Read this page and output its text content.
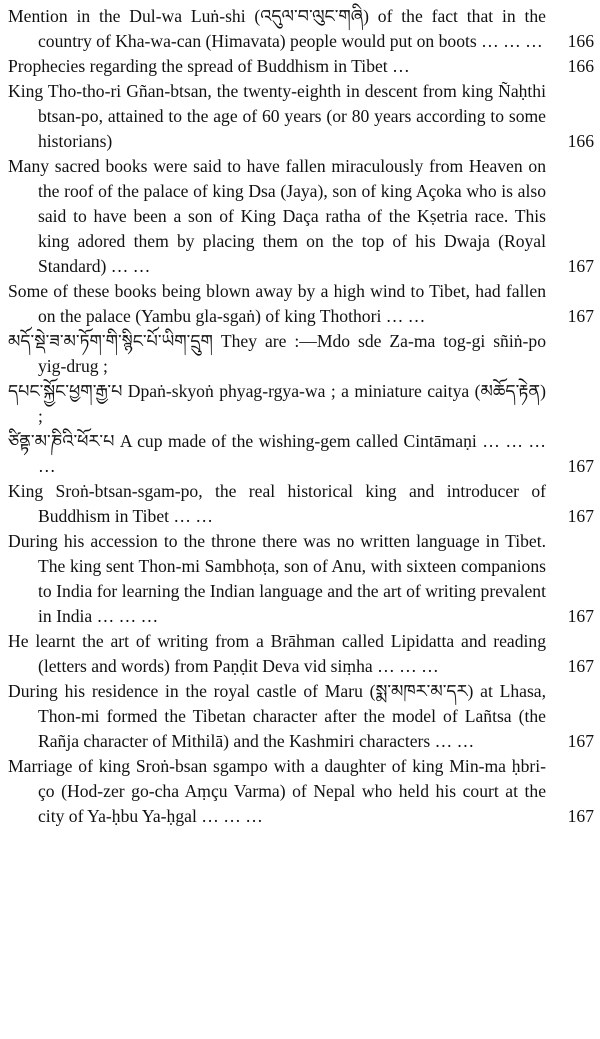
Mention in the Dul-wa Luṅ-shi (འདུལ་བ་ལུང་གཞི) of the fact that in the country of Kha-wa-can (Himavata) people would put on boots … … …	166

Prophecies regarding the spread of Buddhism in Tibet …	166

King Tho-tho-ri Gñan-btsan, the twenty-eighth in descent from king Ñaḥthi btsan-po, attained to the age of 60 years (or 80 years according to some historians)	166

Many sacred books were said to have fallen miraculously from Heaven on the roof of the palace of king Dsa (Jaya), son of king Açoka who is also said to have been a son of King Daça ratha of the Kṣetria race. This king adored them by placing them on the top of his Dwaja (Royal Standard) … …	167

Some of these books being blown away by a high wind to Tibet, had fallen on the palace (Yambu gla-sgaṅ) of king Thothori … …	167

མདོ་སྡེ་ཟ་མ་ཏོག་གི་སྙིང་པོ་ཡིག་དྲུག They are :—Mdo sde Za-ma tog-gi sñiṅ-po yig-drug ;

དཔང་སྐྱོང་ཕྱག་རྒྱ་པ Dpaṅ-skyoṅ phyag-rgya-wa ; a miniature caitya (མཆོད་རྟེན) ;

ཙིནྟ་མ་ཎིའི་ཕོར་པ A cup made of the wishing-gem called Cintāmaṇi … … … …	167

King Sroṅ-btsan-sgam-po, the real historical king and introducer of Buddhism in Tibet … …	167

During his accession to the throne there was no written language in Tibet. The king sent Thon-mi Sambhoṭa, son of Anu, with sixteen companions to India for learning the Indian language and the art of writing prevalent in India … … …	167

He learnt the art of writing from a Brāhman called Lipidatta and reading (letters and words) from Paṇḍit Deva vid siṃha … … …	167

During his residence in the royal castle of Maru (སྨ་མཁར་མ་དར) at Lhasa, Thon-mi formed the Tibetan character after the model of Lañtsa (the Rañja character of Mithilā) and the Kashmiri characters … …	167

Marriage of king Sroṅ-bsan sgampo with a daughter of king Min-ma ḥbri-ço (Hod-zer go-cha Aṃçu Varma) of Nepal who held his court at the city of Ya-ḥbu Ya-ḥgal … … …	167
